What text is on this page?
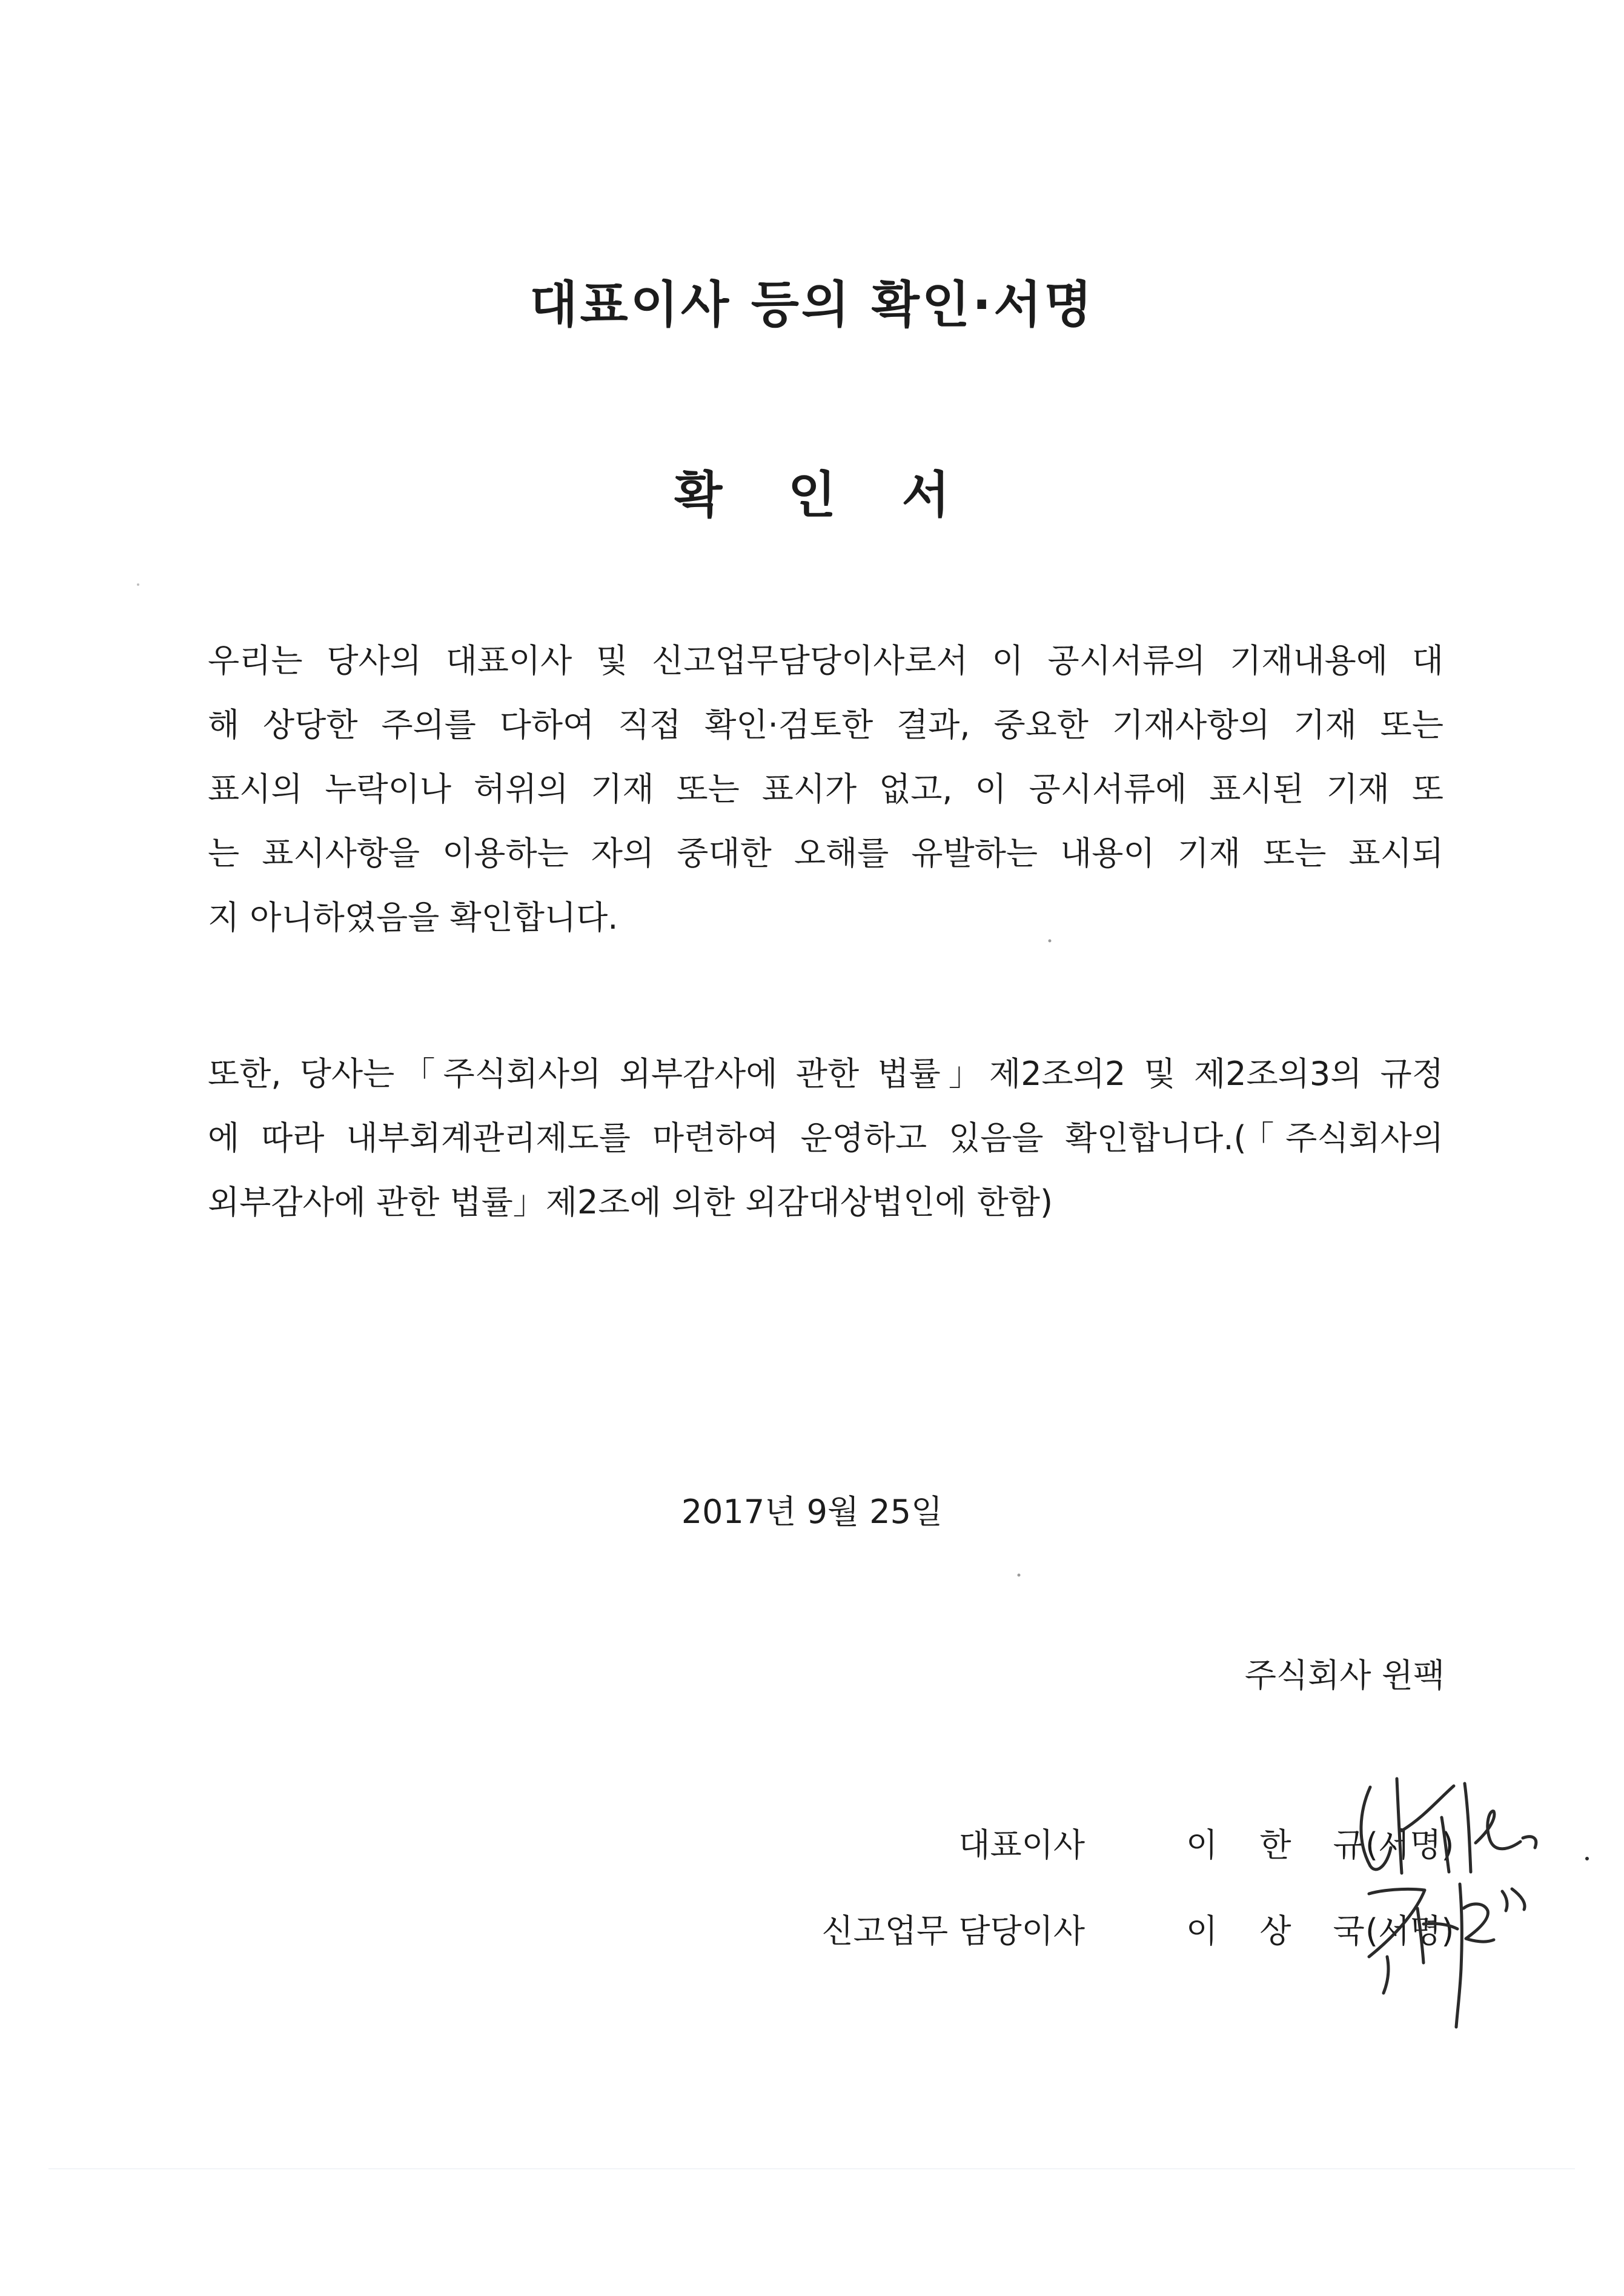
대표이사 등의 확인·서명
확 인 서
우리는 당사의 대표이사 및 신고업무담당이사로서 이 공시서류의 기재내용에 대
해 상당한 주의를 다하여 직접 확인·검토한 결과, 중요한 기재사항의 기재 또는
표시의 누락이나 허위의 기재 또는 표시가 없고, 이 공시서류에 표시된 기재 또
는 표시사항을 이용하는 자의 중대한 오해를 유발하는 내용이 기재 또는 표시되
지 아니하였음을 확인합니다.
또한, 당사는「주식회사의 외부감사에 관한 법률」제2조의2 및 제2조의3의 규정
에 따라 내부회계관리제도를 마련하여 운영하고 있음을 확인합니다.(「주식회사의
외부감사에 관한 법률」제2조에 의한 외감대상법인에 한함)

2017년 9월 25일

주식회사 윈팩

대표이사	이 한 규
(서명)
신고업무 담당이사	이 상 국
(서명)
